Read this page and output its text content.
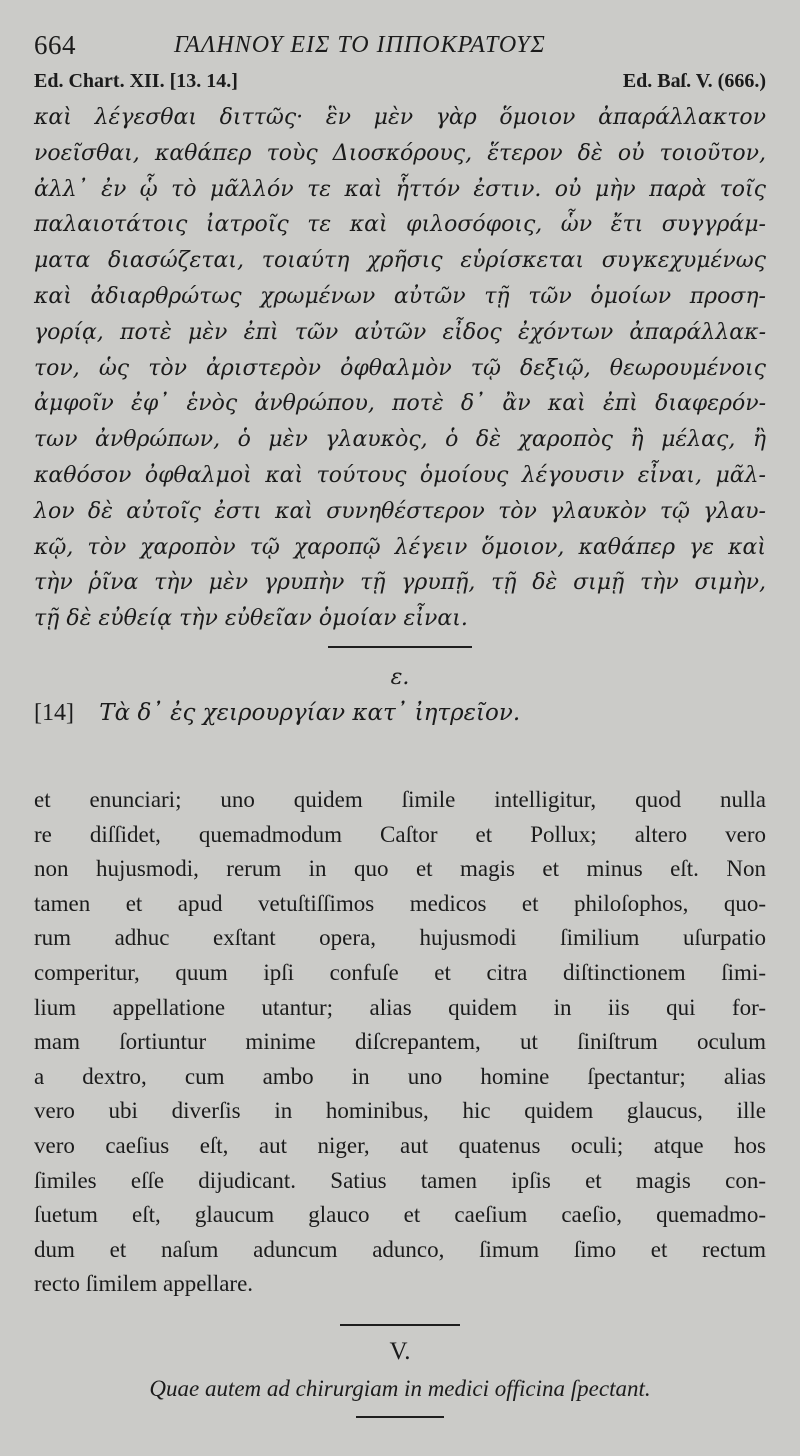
664	ΓΑΛΗΝΟΥ ΕΙΣ ΤΟ ΙΠΠΟΚΡΑΤΟΥΣ
Ed. Chart. XII. [13. 14.]	Ed. Baſ. V. (666.)
καὶ λέγεσθαι διττῶς· ἓν μὲν γὰρ ὅμοιον ἀπαράλλακτον
νοεῖσθαι, καθάπερ τοὺς Διοσκόρους, ἕτερον δὲ οὐ τοιοῦτον,
ἀλλ᾽ ἐν ᾧ τὸ μᾶλλόν τε καὶ ἧττόν ἐστιν. οὐ μὴν παρὰ τοῖς
παλαιοτάτοις ἰατροῖς τε καὶ φιλοσόφοις, ὧν ἔτι συγγράμ-
ματα διασώζεται, τοιαύτη χρῆσις εὑρίσκεται συγκεχυμένως
καὶ ἀδιαρθρώτως χρωμένων αὐτῶν τῇ τῶν ὁμοίων προση-
γορίᾳ, ποτὲ μὲν ἐπὶ τῶν αὐτῶν εἶδος ἐχόντων ἀπαράλλακ-
τον, ὡς τὸν ἀριστερὸν ὀφθαλμὸν τῷ δεξιῷ, θεωρουμένοις
ἀμφοῖν ἐφ᾽ ἑνὸς ἀνθρώπου, ποτὲ δ᾽ ἂν καὶ ἐπὶ διαφερόν-
των ἀνθρώπων, ὁ μὲν γλαυκὸς, ὁ δὲ χαροπὸς ἢ μέλας, ἢ
καθόσον ὀφθαλμοὶ καὶ τούτους ὁμοίους λέγουσιν εἶναι, μᾶλ-
λον δὲ αὐτοῖς ἐστι καὶ συνηθέστερον τὸν γλαυκὸν τῷ γλαυ-
κῷ, τὸν χαροπὸν τῷ χαροπῷ λέγειν ὅμοιον, καθάπερ γε καὶ
τὴν ῥῖνα τὴν μὲν γρυπὴν τῇ γρυπῇ, τῇ δὲ σιμῇ τὴν σιμὴν,
τῇ δὲ εὐθείᾳ τὴν εὐθεῖαν ὁμοίαν εἶναι.
ε.
[14] Τὰ δ᾽ ἐς χειρουργίαν κατ᾽ ἰητρεῖον.
et enunciari; uno quidem ſimile intelligitur, quod nulla
re diſſidet, quemadmodum Caſtor et Pollux; altero vero
non hujusmodi, rerum in quo et magis et minus eſt. Non
tamen et apud vetuſtiſſimos medicos et philoſophos, quo-
rum adhuc exſtant opera, hujusmodi ſimilium uſurpatio
comperitur, quum ipſi confuſe et citra diſtinctionem ſimi-
lium appellatione utantur; alias quidem in iis qui for-
mam ſortiuntur minime diſcrepantem, ut ſiniſtrum oculum
a dextro, cum ambo in uno homine ſpectantur; alias
vero ubi diverſis in hominibus, hic quidem glaucus, ille
vero caeſius eſt, aut niger, aut quatenus oculi; atque hos
ſimiles eſſe dijudicant. Satius tamen ipſis et magis con-
ſuetum eſt, glaucum glauco et caeſium caeſio, quemadmo-
dum et naſum aduncum adunco, ſimum ſimo et rectum
recto ſimilem appellare.
V.
Quae autem ad chirurgiam in medici officina ſpectant.
